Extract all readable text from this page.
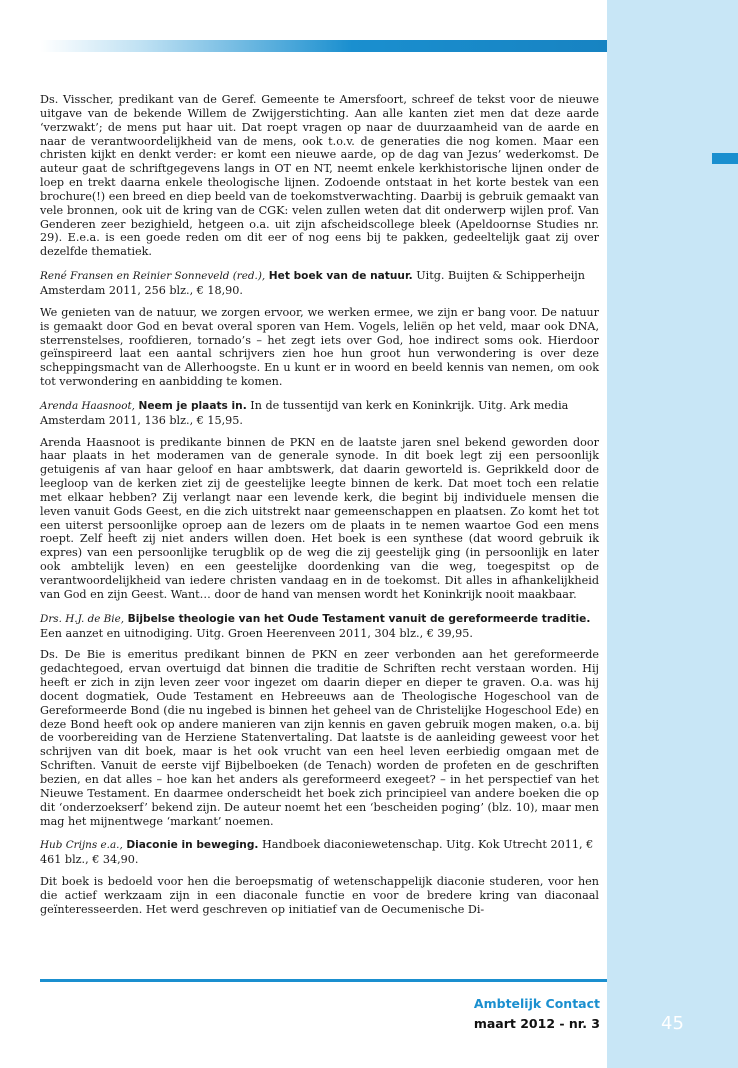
Ds. Visscher, predikant van de Geref. Gemeente te Amersfoort, schreef de tekst voor de nieuwe uitgave van de bekende Willem de Zwijgerstichting. Aan alle kanten ziet men dat deze aarde ‘verzwakt’; de mens put haar uit. Dat roept vragen op naar de duurzaamheid van de aarde en naar de verantwoordelijkheid van de mens, ook t.o.v. de generaties die nog komen. Maar een christen kijkt en denkt verder: er komt een nieuwe aarde, op de dag van Jezus’ wederkomst. De auteur gaat de schriftgegevens langs in OT en NT, neemt enkele kerkhistorische lijnen onder de loep en trekt daarna enkele theologische lijnen. Zodoende ontstaat in het korte bestek van een brochure(!) een breed en diep beeld van de toekomstverwachting. Daarbij is gebruik gemaakt van vele bronnen, ook uit de kring van de CGK: velen zullen weten dat dit onderwerp wijlen prof. Van Genderen zeer bezighield, hetgeen o.a. uit zijn afscheidscollege bleek (Apeldoornse Studies nr. 29). E.e.a. is een goede reden om dit eer of nog eens bij te pakken, gedeeltelijk gaat zij over dezelfde thematiek.

René Fransen en Reinier Sonneveld (red.), Het boek van de natuur. Uitg. Buijten & Schipperheijn Amsterdam 2011, 256 blz., € 18,90.

We genieten van de natuur, we zorgen ervoor, we werken ermee, we zijn er bang voor. De natuur is gemaakt door God en bevat overal sporen van Hem. Vogels, leliën op het veld, maar ook DNA, sterrenstelses, roofdieren, tornado’s – het zegt iets over God, hoe indirect soms ook. Hierdoor geïnspireerd laat een aantal schrijvers zien hoe hun groot hun verwondering is over deze scheppingsmacht van de Allerhoogste. En u kunt er in woord en beeld kennis van nemen, om ook tot verwondering en aanbidding te komen.

Arenda Haasnoot, Neem je plaats in. In de tussentijd van kerk en Koninkrijk. Uitg. Ark media Amsterdam 2011, 136 blz., € 15,95.

Arenda Haasnoot is predikante binnen de PKN en de laatste jaren snel bekend geworden door haar plaats in het moderamen van de generale synode. In dit boek legt zij een persoonlijk getuigenis af van haar geloof en haar ambtswerk, dat daarin geworteld is. Geprikkeld door de leegloop van de kerken ziet zij de geestelijke leegte binnen de kerk. Dat moet toch een relatie met elkaar hebben? Zij verlangt naar een levende kerk, die begint bij individuele mensen die leven vanuit Gods Geest, en die zich uitstrekt naar gemeenschappen en plaatsen. Zo komt het tot een uiterst persoonlijke oproep aan de lezers om de plaats in te nemen waartoe God een mens roept. Zelf heeft zij niet anders willen doen. Het boek is een synthese (dat woord gebruik ik expres) van een persoonlijke terugblik op de weg die zij geestelijk ging (in persoonlijk en later ook ambtelijk leven) en een geestelijke doordenking van die weg, toegespitst op de verantwoordelijkheid van iedere christen vandaag en in de toekomst. Dit alles in afhankelijkheid van God en zijn Geest. Want… door de hand van mensen wordt het Koninkrijk nooit maakbaar.

Drs. H.J. de Bie, Bijbelse theologie van het Oude Testament vanuit de gereformeerde traditie. Een aanzet en uitnodiging. Uitg. Groen Heerenveen 2011, 304 blz., € 39,95.

Ds. De Bie is emeritus predikant binnen de PKN en zeer verbonden aan het gereformeerde gedachtegoed, ervan overtuigd dat binnen die traditie de Schriften recht verstaan worden. Hij heeft er zich in zijn leven zeer voor ingezet om daarin dieper en dieper te graven. O.a. was hij docent dogmatiek, Oude Testament en Hebreeuws aan de Theologische Hogeschool van de Gereformeerde Bond (die nu ingebed is binnen het geheel van de Christelijke Hogeschool Ede) en deze Bond heeft ook op andere manieren van zijn kennis en gaven gebruik mogen maken, o.a. bij de voorbereiding van de Herziene Statenvertaling. Dat laatste is de aanleiding geweest voor het schrijven van dit boek, maar is het ook vrucht van een heel leven eerbiedig omgaan met de Schriften. Vanuit de eerste vijf Bijbelboeken (de Tenach) worden de profeten en de geschriften bezien, en dat alles – hoe kan het anders als gereformeerd exegeet? – in het perspectief van het Nieuwe Testament. En daarmee onderscheidt het boek zich principieel van andere boeken die op dit ‘onderzoekserf’ bekend zijn. De auteur noemt het een ‘bescheiden poging’ (blz. 10), maar men mag het mijnentwege ‘markant’ noemen.

Hub Crijns e.a., Diaconie in beweging. Handboek diaconiewetenschap. Uitg. Kok Utrecht 2011, € 461 blz., € 34,90.

Dit boek is bedoeld voor hen die beroepsmatig of wetenschappelijk diaconie studeren, voor hen die actief werkzaam zijn in een diaconale functie en voor de bredere kring van diaconaal geïnteresseerden. Het werd geschreven op initiatief van de Oecumenische Di-

Ambtelijk Contact
maart 2012 - nr. 3	45
